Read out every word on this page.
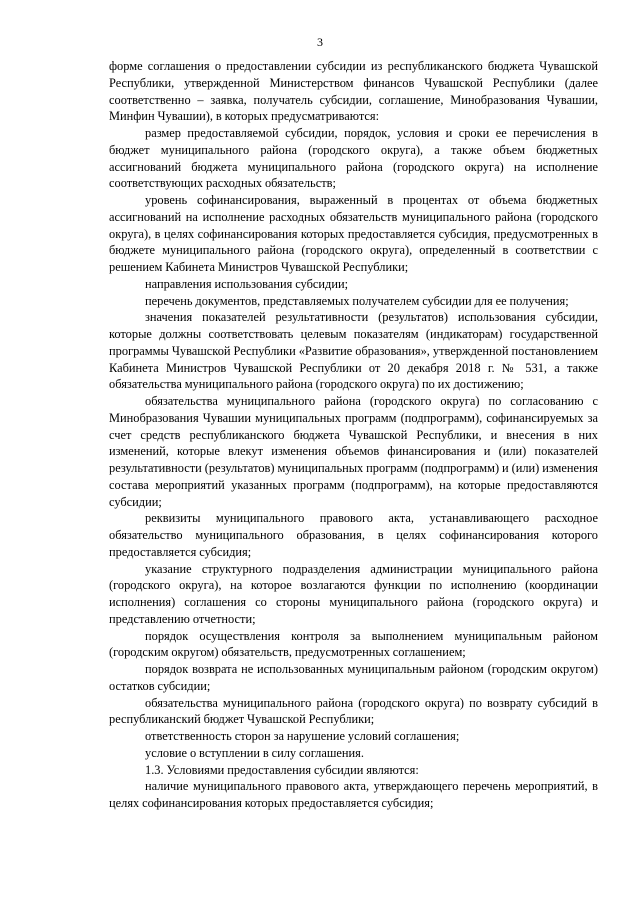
3

форме соглашения о предоставлении субсидии из республиканского бюджета Чувашской Республики, утвержденной Министерством финансов Чувашской Республики (далее соответственно – заявка, получатель субсидии, соглашение, Минобразования Чувашии, Минфин Чувашии), в которых предусматриваются:

размер предоставляемой субсидии, порядок, условия и сроки ее перечисления в бюджет муниципального района (городского округа), а также объем бюджетных ассигнований бюджета муниципального района (городского округа) на исполнение соответствующих расходных обязательств;

уровень софинансирования, выраженный в процентах от объема бюджетных ассигнований на исполнение расходных обязательств муниципального района (городского округа), в целях софинансирования которых предоставляется субсидия, предусмотренных в бюджете муниципального района (городского округа), определенный в соответствии с решением Кабинета Министров Чувашской Республики;

направления использования субсидии;

перечень документов, представляемых получателем субсидии для ее получения;

значения показателей результативности (результатов) использования субсидии, которые должны соответствовать целевым показателям (индикаторам) государственной программы Чувашской Республики «Развитие образования», утвержденной постановлением Кабинета Министров Чувашской Республики от 20 декабря 2018 г. № 531, а также обязательства муниципального района (городского округа) по их достижению;

обязательства муниципального района (городского округа) по согласованию с Минобразования Чувашии муниципальных программ (подпрограмм), софинансируемых за счет средств республиканского бюджета Чувашской Республики, и внесения в них изменений, которые влекут изменения объемов финансирования и (или) показателей результативности (результатов) муниципальных программ (подпрограмм) и (или) изменения состава мероприятий указанных программ (подпрограмм), на которые предоставляются субсидии;

реквизиты муниципального правового акта, устанавливающего расходное обязательство муниципального образования, в целях софинансирования которого предоставляется субсидия;

указание структурного подразделения администрации муниципального района (городского округа), на которое возлагаются функции по исполнению (координации исполнения) соглашения со стороны муниципального района (городского округа) и представлению отчетности;

порядок осуществления контроля за выполнением муниципальным районом (городским округом) обязательств, предусмотренных соглашением;

порядок возврата не использованных муниципальным районом (городским округом) остатков субсидии;

обязательства муниципального района (городского округа) по возврату субсидий в республиканский бюджет Чувашской Республики;

ответственность сторон за нарушение условий соглашения;

условие о вступлении в силу соглашения.

1.3. Условиями предоставления субсидии являются:

наличие муниципального правового акта, утверждающего перечень мероприятий, в целях софинансирования которых предоставляется субсидия;
